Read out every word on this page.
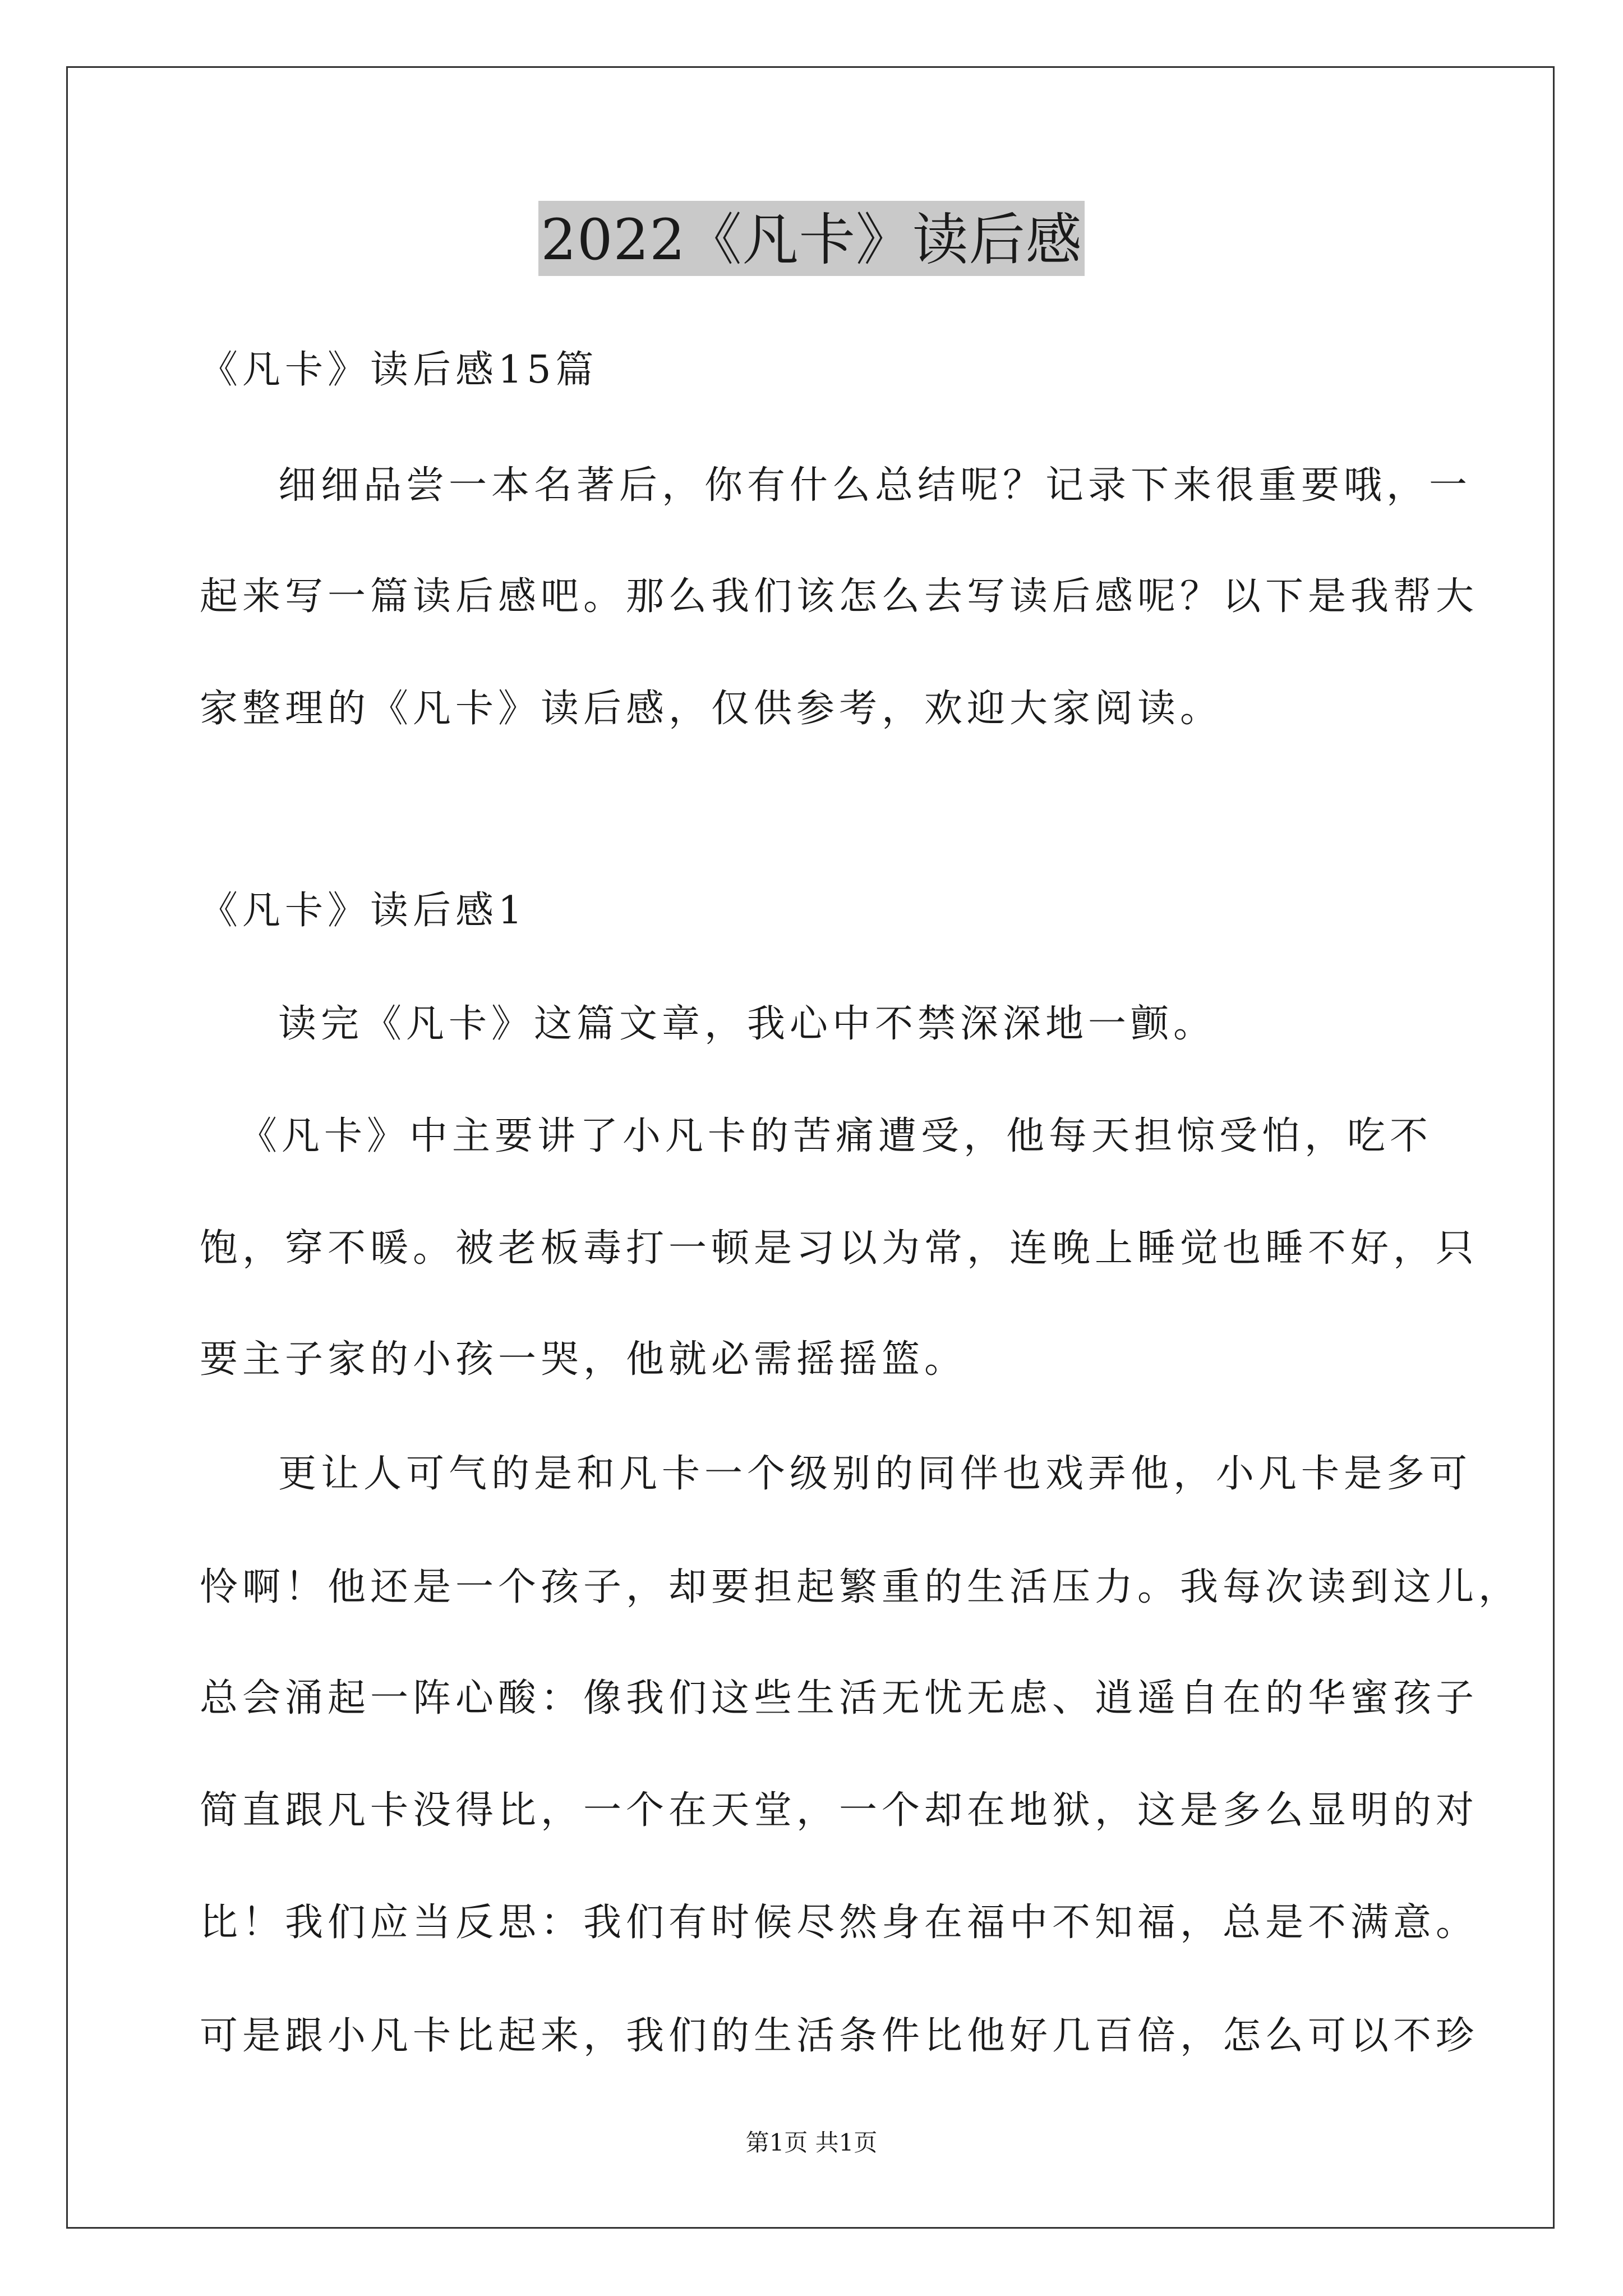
2022《凡卡》读后感
《凡卡》读后感15篇
细细品尝一本名著后，你有什么总结呢？记录下来很重要哦，一
起来写一篇读后感吧。那么我们该怎么去写读后感呢？以下是我帮大
家整理的《凡卡》读后感，仅供参考，欢迎大家阅读。
《凡卡》读后感1
读完《凡卡》这篇文章，我心中不禁深深地一颤。
《凡卡》中主要讲了小凡卡的苦痛遭受，他每天担惊受怕，吃不
饱，穿不暖。被老板毒打一顿是习以为常，连晚上睡觉也睡不好，只
要主子家的小孩一哭，他就必需摇摇篮。
更让人可气的是和凡卡一个级别的同伴也戏弄他，小凡卡是多可
怜啊！他还是一个孩子，却要担起繁重的生活压力。我每次读到这儿，
总会涌起一阵心酸：像我们这些生活无忧无虑、逍遥自在的华蜜孩子
简直跟凡卡没得比，一个在天堂，一个却在地狱，这是多么显明的对
比！我们应当反思：我们有时候尽然身在福中不知福，总是不满意。
可是跟小凡卡比起来，我们的生活条件比他好几百倍，怎么可以不珍
第1页 共1页
